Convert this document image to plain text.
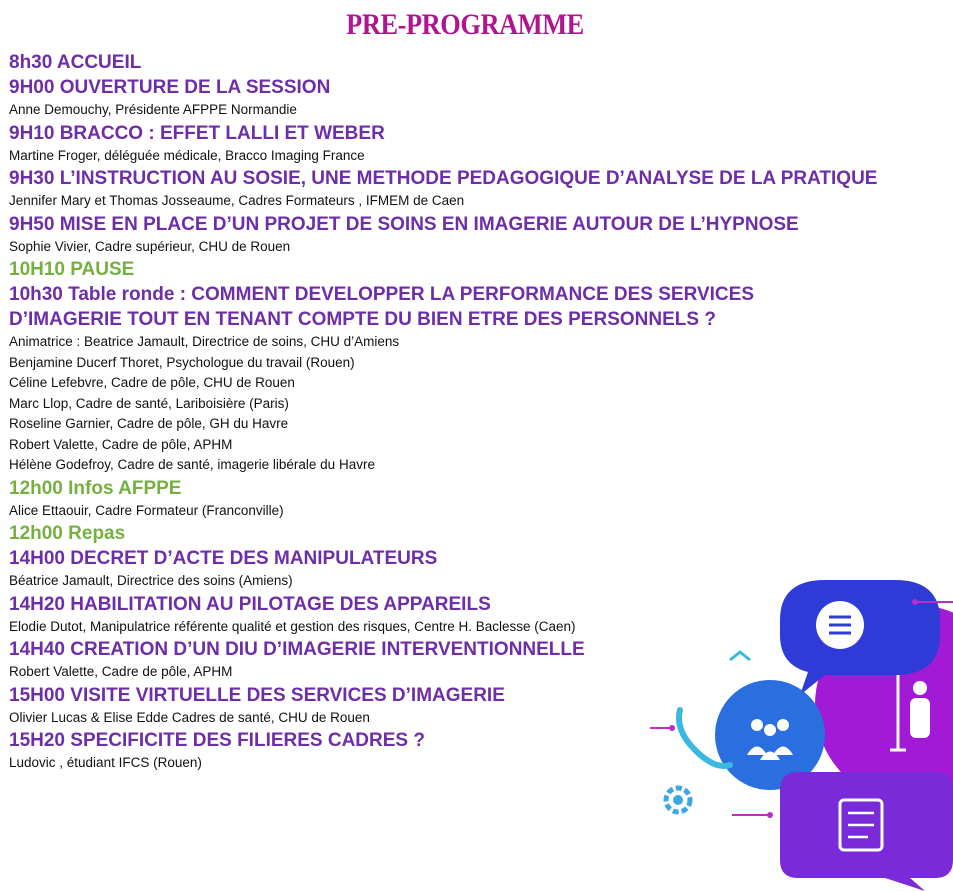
PRE-PROGRAMME
8h30 ACCUEIL
9H00 OUVERTURE DE LA SESSION
Anne Demouchy, Présidente AFPPE Normandie
9H10 BRACCO : EFFET LALLI ET WEBER
Martine Froger, déléguée médicale, Bracco Imaging France
9H30 L’INSTRUCTION AU SOSIE, UNE METHODE PEDAGOGIQUE D’ANALYSE DE LA PRATIQUE
Jennifer Mary et Thomas Josseaume, Cadres Formateurs , IFMEM de Caen
9H50 MISE EN PLACE D’UN PROJET DE SOINS EN IMAGERIE AUTOUR DE L’HYPNOSE
Sophie Vivier, Cadre supérieur, CHU de Rouen
10H10 PAUSE
10h30 Table ronde : COMMENT DEVELOPPER LA PERFORMANCE DES SERVICES D’IMAGERIE TOUT EN TENANT COMPTE DU BIEN ETRE DES PERSONNELS ?
Animatrice : Beatrice Jamault, Directrice de soins, CHU d’Amiens
Benjamine Ducerf Thoret, Psychologue du travail (Rouen)
Céline Lefebvre, Cadre de pôle, CHU de Rouen
Marc Llop, Cadre de santé, Lariboisière (Paris)
Roseline Garnier, Cadre de pôle, GH du Havre
Robert Valette, Cadre de pôle, APHM
Hélène Godefroy, Cadre de santé, imagerie libérale du Havre
12h00 Infos AFPPE
Alice Ettaouir, Cadre Formateur (Franconville)
12h00 Repas
14H00 DECRET D’ACTE DES MANIPULATEURS
Béatrice Jamault, Directrice des soins (Amiens)
14H20 HABILITATION AU PILOTAGE DES APPAREILS
Elodie Dutot, Manipulatrice référente qualité et gestion des risques, Centre H. Baclesse (Caen)
14H40 CREATION D’UN DIU D’IMAGERIE INTERVENTIONNELLE
Robert Valette, Cadre de pôle, APHM
15H00 VISITE VIRTUELLE DES SERVICES D’IMAGERIE
Olivier Lucas & Elise Edde Cadres de santé, CHU de Rouen
15H20 SPECIFICITE DES FILIERES CADRES ?
Ludovic , étudiant IFCS (Rouen)
